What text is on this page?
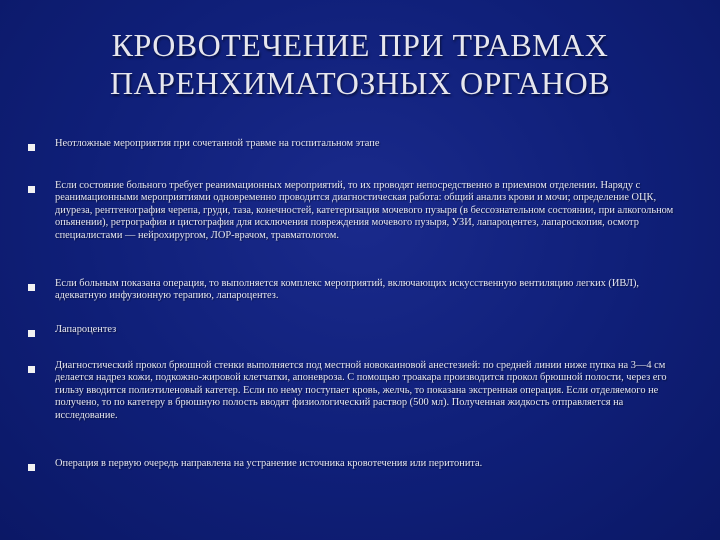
КРОВОТЕЧЕНИЕ ПРИ ТРАВМАХ
ПАРЕНХИМАТОЗНЫХ ОРГАНОВ
Неотложные мероприятия при сочетанной травме на госпитальном этапе
Если состояние больного требует реанимационных мероприятий, то их проводят непосредственно в приемном отделении. Наряду с реанимационными мероприятиями одновременно проводится диагностическая работа: общий анализ крови и мочи; определение ОЦК, диуреза, рентгенография черепа, груди, таза, конечностей, катетеризация мочевого пузыря (в бессознательном состоянии, при алкогольном опьянении), ретрография и цистография для исключения повреждения мочевого пузыря, УЗИ, лапароцентез, лапароскопия, осмотр специалистами — нейрохирургом, ЛОР-врачом, травматологом.
Если больным показана операция, то выполняется комплекс мероприятий, включающих искусственную вентиляцию легких (ИВЛ), адекватную инфузионную терапию, лапароцентез.
Лапароцентез
Диагностический прокол брюшной стенки выполняется под местной новокаиновой анестезией: по средней линии ниже пупка на 3—4 см делается надрез кожи, подкожно-жировой клетчатки, апоневроза. С помощью троакара производится прокол брюшной полости, через его гильзу вводится полиэтиленовый катетер. Если по нему поступает кровь, желчь, то показана экстренная операция. Если отделяемого не получено, то по катетеру в брюшную полость вводят физиологический раствор (500 мл). Полученная жидкость отправляется на исследование.
Операция в первую очередь направлена на устранение источника кровотечения или перитонита.
